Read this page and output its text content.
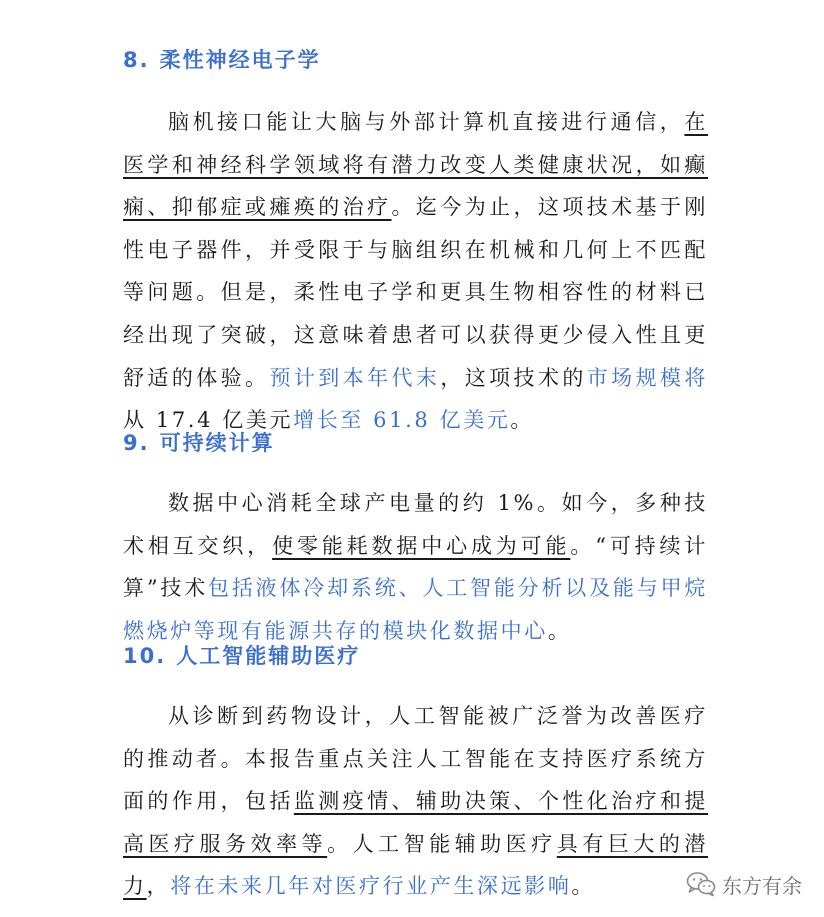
8. 柔性神经电子学
脑机接口能让大脑与外部计算机直接进行通信，在医学和神经科学领域将有潜力改变人类健康状况，如癫痫、抑郁症或瘫痪的治疗。迄今为止，这项技术基于刚性电子器件，并受限于与脑组织在机械和几何上不匹配等问题。但是，柔性电子学和更具生物相容性的材料已经出现了突破，这意味着患者可以获得更少侵入性且更舒适的体验。预计到本年代末，这项技术的市场规模将从 17.4 亿美元增长至 61.8 亿美元。
9. 可持续计算
数据中心消耗全球产电量的约 1%。如今，多种技术相互交织，使零能耗数据中心成为可能。“可持续计算”技术包括液体冷却系统、人工智能分析以及能与甲烷燃烧炉等现有能源共存的模块化数据中心。
10. 人工智能辅助医疗
从诊断到药物设计，人工智能被广泛誉为改善医疗的推动者。本报告重点关注人工智能在支持医疗系统方面的作用，包括监测疫情、辅助决策、个性化治疗和提高医疗服务效率等。人工智能辅助医疗具有巨大的潜力，将在未来几年对医疗行业产生深远影响。	东方有余
